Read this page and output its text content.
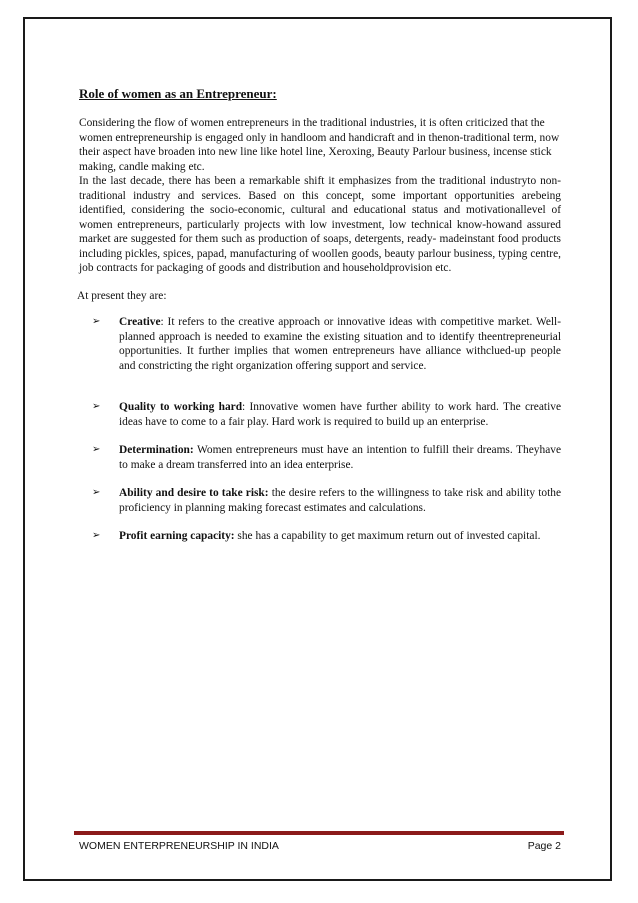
Role of women as an Entrepreneur:

Considering the flow of women entrepreneurs in the traditional industries, it is often criticized that the women entrepreneurship is engaged only in handloom and handicraft and in thenon-traditional term, now their aspect have broaden into new line like hotel line, Xeroxing, Beauty Parlour business, incense stick making, candle making etc.

In the last decade, there has been a remarkable shift it emphasizes from the traditional industryto non-traditional industry and services. Based on this concept, some important opportunities arebeing identified, considering the socio-economic, cultural and educational status and motivationallevel of women entrepreneurs, particularly projects with low investment, low technical know-howand assured market are suggested for them such as production of soaps, detergents, ready- madeinstant food products including pickles, spices, papad, manufacturing of woollen goods, beauty parlour business, typing centre, job contracts for packaging of goods and distribution and householdprovision etc.

At present they are:

➢ Creative: It refers to the creative approach or innovative ideas with competitive market. Well-planned approach is needed to examine the existing situation and to identify theentrepreneurial opportunities. It further implies that women entrepreneurs have alliance withclued-up people and constricting the right organization offering support and service.
➢ Quality to working hard: Innovative women have further ability to work hard. The creative ideas have to come to a fair play. Hard work is required to build up an enterprise.
➢ Determination: Women entrepreneurs must have an intention to fulfill their dreams. Theyhave to make a dream transferred into an idea enterprise.
➢ Ability and desire to take risk: the desire refers to the willingness to take risk and ability tothe proficiency in planning making forecast estimates and calculations.
➢ Profit earning capacity: she has a capability to get maximum return out of invested capital.
WOMEN ENTERPRENEURSHIP IN INDIA	Page 2
